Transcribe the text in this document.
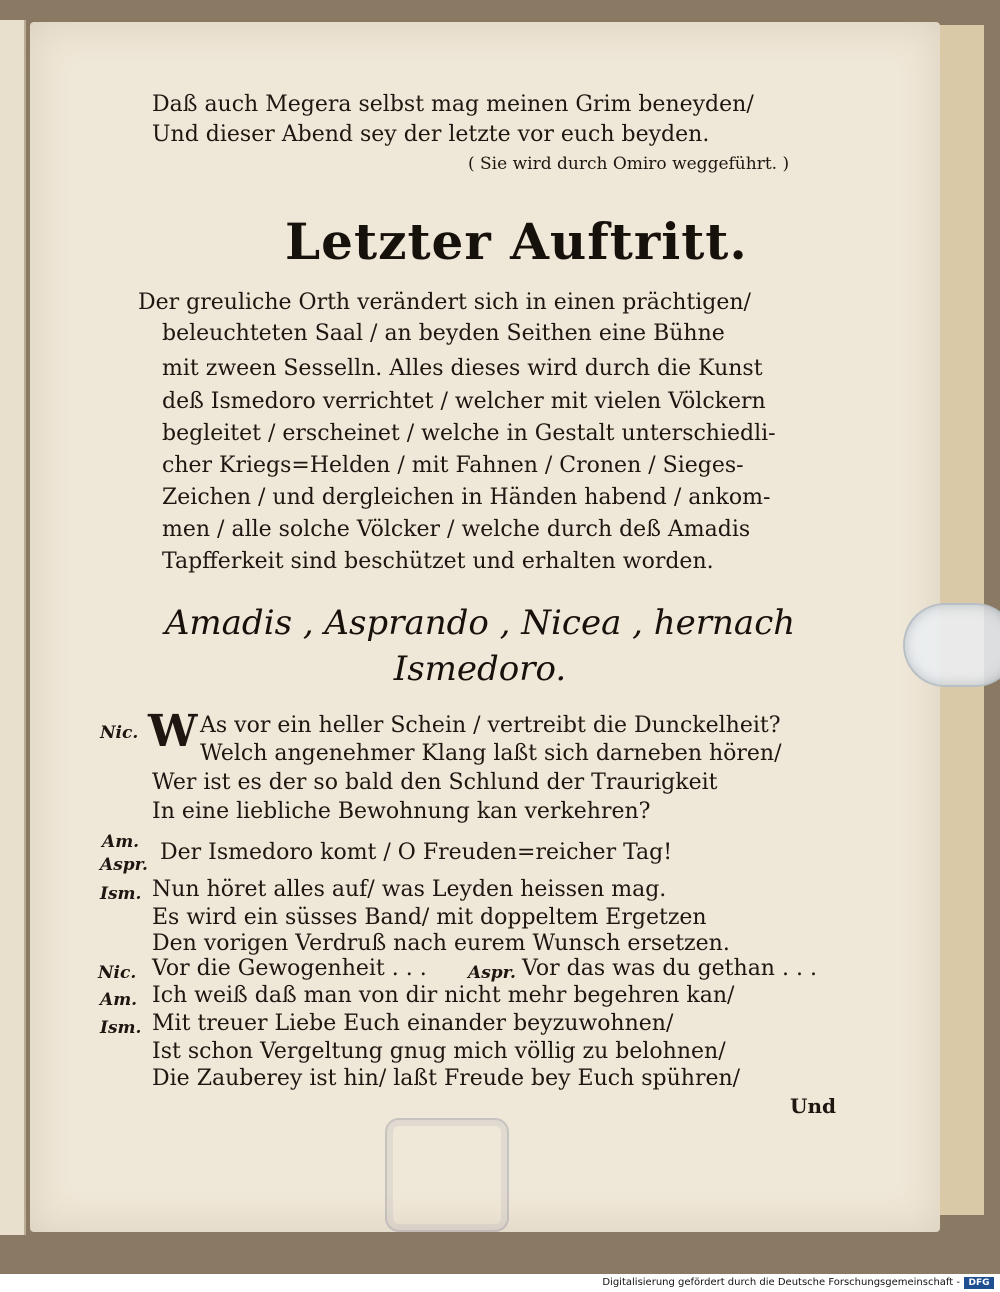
Daß auch Megera selbst mag meinen Grim beneyden/
Und dieser Abend sey der letzte vor euch beyden.
( Sie wird durch Omiro weggeführt. )
Letzter Auftritt.
Der greuliche Orth verändert sich in einen prächtigen/
beleuchteten Saal / an beyden Seithen eine Bühne
mit zween Sesselln. Alles dieses wird durch die Kunst
deß Ismedoro verrichtet / welcher mit vielen Völckern
begleitet / erscheinet / welche in Gestalt unterschiedli-
cher Kriegs=Helden / mit Fahnen / Cronen / Sieges-
Zeichen / und dergleichen in Händen habend / ankom-
men / alle solche Völcker / welche durch deß Amadis
Tapfferkeit sind beschützet und erhalten worden.
Amadis , Asprando , Nicea , hernach
Ismedoro.
Nic. W As vor ein heller Schein / vertreibt die Dunckelheit?
Welch angenehmer Klang laßt sich darneben hören/
Wer ist es der so bald den Schlund der Traurigkeit
In eine liebliche Bewohnung kan verkehren?
Am.
Aspr. Der Ismedoro komt / O Freuden=reicher Tag!
Ism. Nun höret alles auf/ was Leyden heissen mag.
Es wird ein süsses Band/ mit doppeltem Ergetzen
Den vorigen Verdruß nach eurem Wunsch ersetzen.
Nic. Vor die Gewogenheit . . . Aspr. Vor das was du gethan . . .
Am. Ich weiß daß man von dir nicht mehr begehren kan/
Ism. Mit treuer Liebe Euch einander beyzuwohnen/
Ist schon Vergeltung gnug mich völlig zu belohnen/
Die Zauberey ist hin/ laßt Freude bey Euch spühren/
Und
Digitalisierung gefördert durch die Deutsche Forschungsgemeinschaft - DFG
